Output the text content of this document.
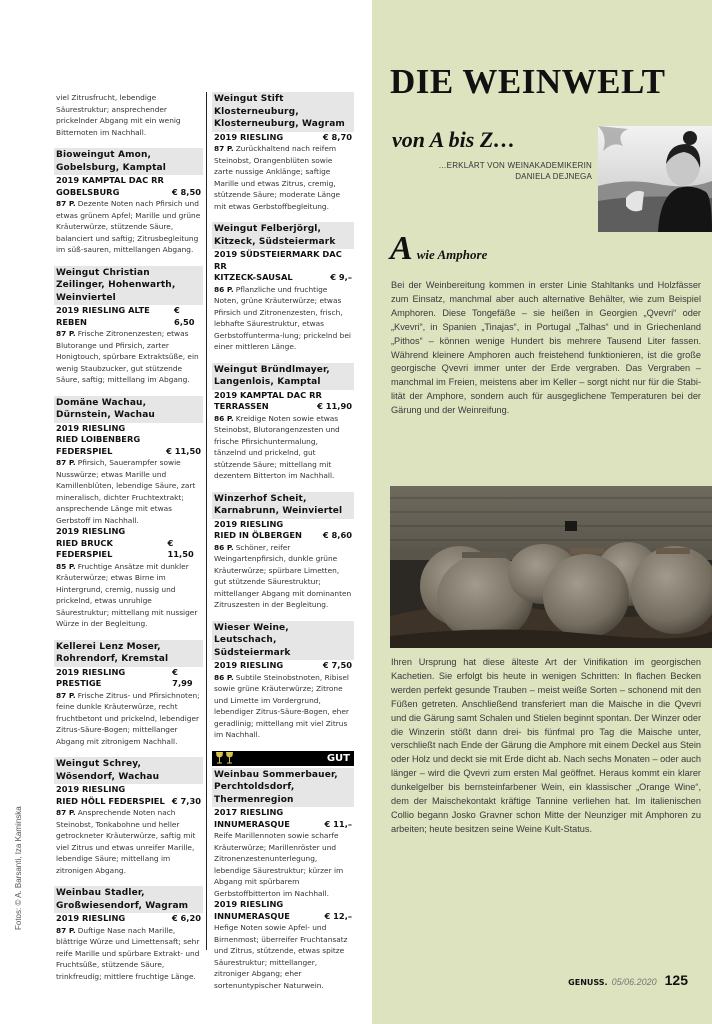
viel Zitrusfrucht, lebendige Säurestruktur; ansprechender prickelnder Abgang mit ein wenig Bitternoten im Nachhall.
Bioweingut Amon, Gobelsburg, Kamptal
2019 KAMPTAL DAC RR
GOBELSBURG	€ 8,50
87 P. Dezente Noten nach Pfirsich und etwas grünem Apfel; Marille und grüne Kräuterwürze, stützende Säure, balanciert und saftig; Zitrusbegleitung im süß-sauren, mittellangen Abgang.
Weingut Christian Zeilinger, Hohenwarth, Weinviertel
2019 RIESLING ALTE REBEN
€ 6,50
87 P. Frische Zitronenzesten; etwas Blutorange und Pfirsich, zarter Honigtouch, spürbare Extraktsüße, ein wenig Staubzucker, gut stützende Säure, saftig; mittellang im Abgang.
Domäne Wachau, Dürnstein, Wachau
2019 RIESLING
RIED LOIBENBERG
FEDERSPIEL	€ 11,50
87 P. Pfirsich, Sauerampfer sowie Nusswürze; etwas Marille und Kamillenblüten, lebendige Säure, zart mineralisch, dichter Fruchtextrakt; ansprechende Länge mit etwas Gerbstoff im Nachhall.
2019 RIESLING
RIED BRUCK FEDERSPIEL
€ 11,50
85 P. Fruchtige Ansätze mit dunkler Kräuterwürze; etwas Birne im Hintergrund, cremig, nussig und prickelnd, etwas unruhige Säurestruktur; mittellang mit nussiger Würze in der Begleitung.
Kellerei Lenz Moser, Rohrendorf, Kremstal
2019 RIESLING PRESTIGE
€ 7,99
87 P. Frische Zitrus- und Pfirsichnoten; feine dunkle Kräuterwürze, recht fruchtbetont und prickelnd, lebendiger Zitrus-Säure-Bogen; mittellanger Abgang mit zitronigem Nachhall.
Weingut Schrey, Wösendorf, Wachau
2019 RIESLING
RIED HÖLL FEDERSPIEL € 7,30
87 P. Ansprechende Noten nach Steinobst, Tonkabohne und heller getrockneter Kräuterwürze, saftig mit viel Zitrus und etwas unreifer Marille, lebendige Säure; mittellang im zitronigen Abgang.
Weinbau Stadler, Großwiesendorf, Wagram
2019 RIESLING	€ 6,20
87 P. Duftige Nase nach Marille, blättrige Würze und Limettensaft; sehr reife Marille und spürbare Extrakt- und Fruchtsüße, stützende Säure, trinkfreudig; mittlere fruchtige Länge.
Weingut Stift Klosterneuburg, Klosterneuburg, Wagram
2019 RIESLING	€ 8,70
87 P. Zurückhaltend nach reifem Steinobst, Orangenblüten sowie zarte nussige Anklänge; saftige Marille und etwas Zitrus, cremig, stützende Säure; moderate Länge mit etwas Gerbstoffbegleitung.
Weingut Felberjörgl, Kitzeck, Südsteiermark
2019 SÜDSTEIERMARK DAC RR
KITZECK-SAUSAL	€ 9,–
86 P. Pflanzliche und fruchtige Noten, grüne Kräuterwürze; etwas Pfirsich und Zitronenzesten, frisch, lebhafte Säurestruktur, etwas Gerbstoffunterma-lung; prickelnd bei einer mittleren Länge.
Weingut Bründlmayer, Langenlois, Kamptal
2019 KAMPTAL DAC RR
TERRASSEN	€ 11,90
86 P. Kreidige Noten sowie etwas Steinobst, Blutorangenzesten und frische Pfirsichuntermalung, tänzelnd und prickelnd, gut stützende Säure; mittellang mit dezentem Bitterton im Nachhall.
Winzerhof Scheit, Karnabrunn, Weinviertel
2019 RIESLING
RIED IN ÖLBERGEN	€ 8,60
86 P. Schöner, reifer Weingartenpfirsich, dunkle grüne Kräuterwürze; spürbare Limetten, gut stützende Säurestruktur; mittellanger Abgang mit dominanten Zitruszesten in der Begleitung.
Wieser Weine, Leutschach, Südsteiermark
2019 RIESLING	€ 7,50
86 P. Subtile Steinobstnoten, Ribisel sowie grüne Kräuterwürze; Zitrone und Limette im Vordergrund, lebendiger Zitrus-Säure-Bogen, eher geradlinig; mittellang mit viel Zitrus im Nachhall.
GUT
Weinbau Sommerbauer, Perchtoldsdorf, Thermenregion
2017 RIESLING
INNUMERASQUE	€ 11,–
Reife Marillennoten sowie scharfe Kräuterwürze; Marillenröster und Zitronenzestenunterlegung, lebendige Säurestruktur; kürzer im Abgang mit spürbarem Gerbstoffbitterton im Nachhall.
2019 RIESLING
INNUMERASQUE	€ 12,–
Hefige Noten sowie Apfel- und Birnenmost; überreifer Fruchtansatz und Zitrus, stützende, etwas spitze Säurestruktur; mittellanger, zitroniger Abgang; eher sortenuntypischer Naturwein.
Fotos: © A. Barsanti, Iza Kaminska
DIE WEINWELT
von A bis Z…
…ERKLÄRT VON WEINAKADEMIKERIN
DANIELA DEJNEGA
Awie Amphore

Bei der Weinbereitung kommen in erster Linie Stahltanks und Holzfässer zum Einsatz, manchmal aber auch alternative Behälter, wie zum Beispiel Amphoren. Diese Tongefäße – sie heißen in Georgien „Qvevri“ oder „Kvevri“, in Spanien „Tinajas“, in Portugal „Talhas“ und in Griechenland „Pithos“ – können wenige Hundert bis mehrere Tausend Liter fassen. Während kleinere Amphoren auch freistehend funktionieren, ist die große georgische Qvevri immer unter der Erde vergraben. Das Vergraben – manchmal im Freien, meistens aber im Keller – sorgt nicht nur für die Stabilität der Amphore, sondern auch für ausgeglichene Temperaturen bei der Gärung und der Weinreifung.

Ihren Ursprung hat diese älteste Art der Vinifikation im georgischen Kachetien. Sie erfolgt bis heute in wenigen Schritten: In flachen Becken werden perfekt gesunde Trauben – meist weiße Sorten – schonend mit den Füßen getreten. Anschließend transferiert man die Maische in die Qvevri und die Gärung samt Schalen und Stielen beginnt spontan. Der Winzer oder die Winzerin stößt dann drei- bis fünfmal pro Tag die Maische unter, verschließt nach Ende der Gärung die Amphore mit einem Deckel aus Stein oder Holz und deckt sie mit Erde dicht ab. Nach sechs Monaten – oder auch länger – wird die Qvevri zum ersten Mal geöffnet. Heraus kommt ein klarer dunkelgelber bis bernsteinfarbener Wein, ein klassischer „Orange Wine“, dem der Maischekontakt kräftige Tannine verliehen hat. Im italienischen Collio begann Josko Gravner schon Mitte der Neunziger mit Amphoren zu arbeiten; heute besitzen seine Weine Kult-Status.

GENUSS. 05/06.2020 125
